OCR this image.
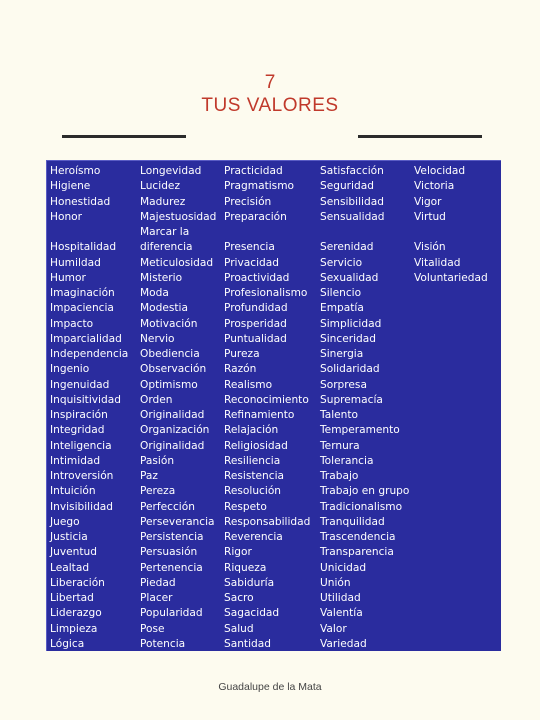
7
TUS VALORES
Heroísmo
Higiene
Honestidad
Honor
Hospitalidad
Humildad
Humor
Imaginación
Impaciencia
Impacto
Imparcialidad
Independencia
Ingenio
Ingenuidad
Inquisitividad
Inspiración
Integridad
Inteligencia
Intimidad
Introversión
Intuición
Invisibilidad
Juego
Justicia
Juventud
Lealtad
Liberación
Libertad
Liderazgo
Limpieza
Lógica
Longevidad
Lucidez
Madurez
Majestuosidad
Marcar la
diferencia
Meticulosidad
Misterio
Moda
Modestia
Motivación
Nervio
Obediencia
Observación
Optimismo
Orden
Originalidad
Organización
Originalidad
Pasión
Paz
Pereza
Perfección
Perseverancia
Persistencia
Persuasión
Pertenencia
Piedad
Placer
Popularidad
Pose
Potencia
Practicidad
Pragmatismo
Precisión
Preparación
Presencia
Privacidad
Proactividad
Profesionalismo
Profundidad
Prosperidad
Puntualidad
Pureza
Razón
Realismo
Reconocimiento
Refinamiento
Relajación
Religiosidad
Resiliencia
Resistencia
Resolución
Respeto
Responsabilidad
Reverencia
Rigor
Riqueza
Sabiduría
Sacro
Sagacidad
Salud
Santidad
Satisfacción
Seguridad
Sensibilidad
Sensualidad
Serenidad
Servicio
Sexualidad
Silencio
Empatía
Simplicidad
Sinceridad
Sinergia
Solidaridad
Sorpresa
Supremacía
Talento
Temperamento
Ternura
Tolerancia
Trabajo
Trabajo en grupo
Tradicionalismo
Tranquilidad
Trascendencia
Transparencia
Unicidad
Unión
Utilidad
Valentía
Valor
Variedad
Velocidad
Victoria
Vigor
Virtud
Visión
Vitalidad
Voluntariedad
Guadalupe de la Mata
